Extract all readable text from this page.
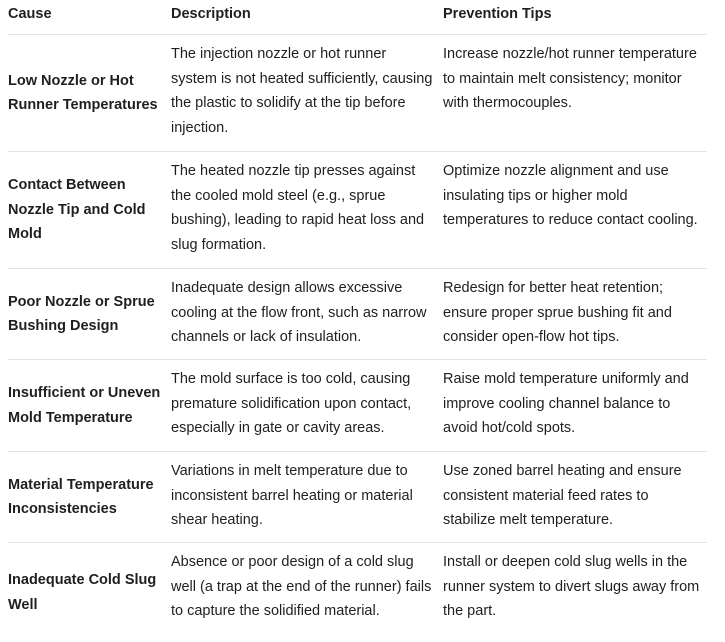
Cause	Description	Prevention Tips
Low Nozzle or Hot Runner Temperatures
The injection nozzle or hot runner system is not heated sufficiently, causing the plastic to solidify at the tip before injection.
Increase nozzle/hot runner temperature to maintain melt consistency; monitor with thermocouples.
Contact Between Nozzle Tip and Cold Mold
The heated nozzle tip presses against the cooled mold steel (e.g., sprue bushing), leading to rapid heat loss and slug formation.
Optimize nozzle alignment and use insulating tips or higher mold temperatures to reduce contact cooling.
Poor Nozzle or Sprue Bushing Design
Inadequate design allows excessive cooling at the flow front, such as narrow channels or lack of insulation.
Redesign for better heat retention; ensure proper sprue bushing fit and consider open-flow hot tips.
Insufficient or Uneven Mold Temperature
The mold surface is too cold, causing premature solidification upon contact, especially in gate or cavity areas.
Raise mold temperature uniformly and improve cooling channel balance to avoid hot/cold spots.
Material Temperature Inconsistencies
Variations in melt temperature due to inconsistent barrel heating or material shear heating.
Use zoned barrel heating and ensure consistent material feed rates to stabilize melt temperature.
Inadequate Cold Slug Well
Absence or poor design of a cold slug well (a trap at the end of the runner) fails to capture the solidified material.
Install or deepen cold slug wells in the runner system to divert slugs away from the part.
